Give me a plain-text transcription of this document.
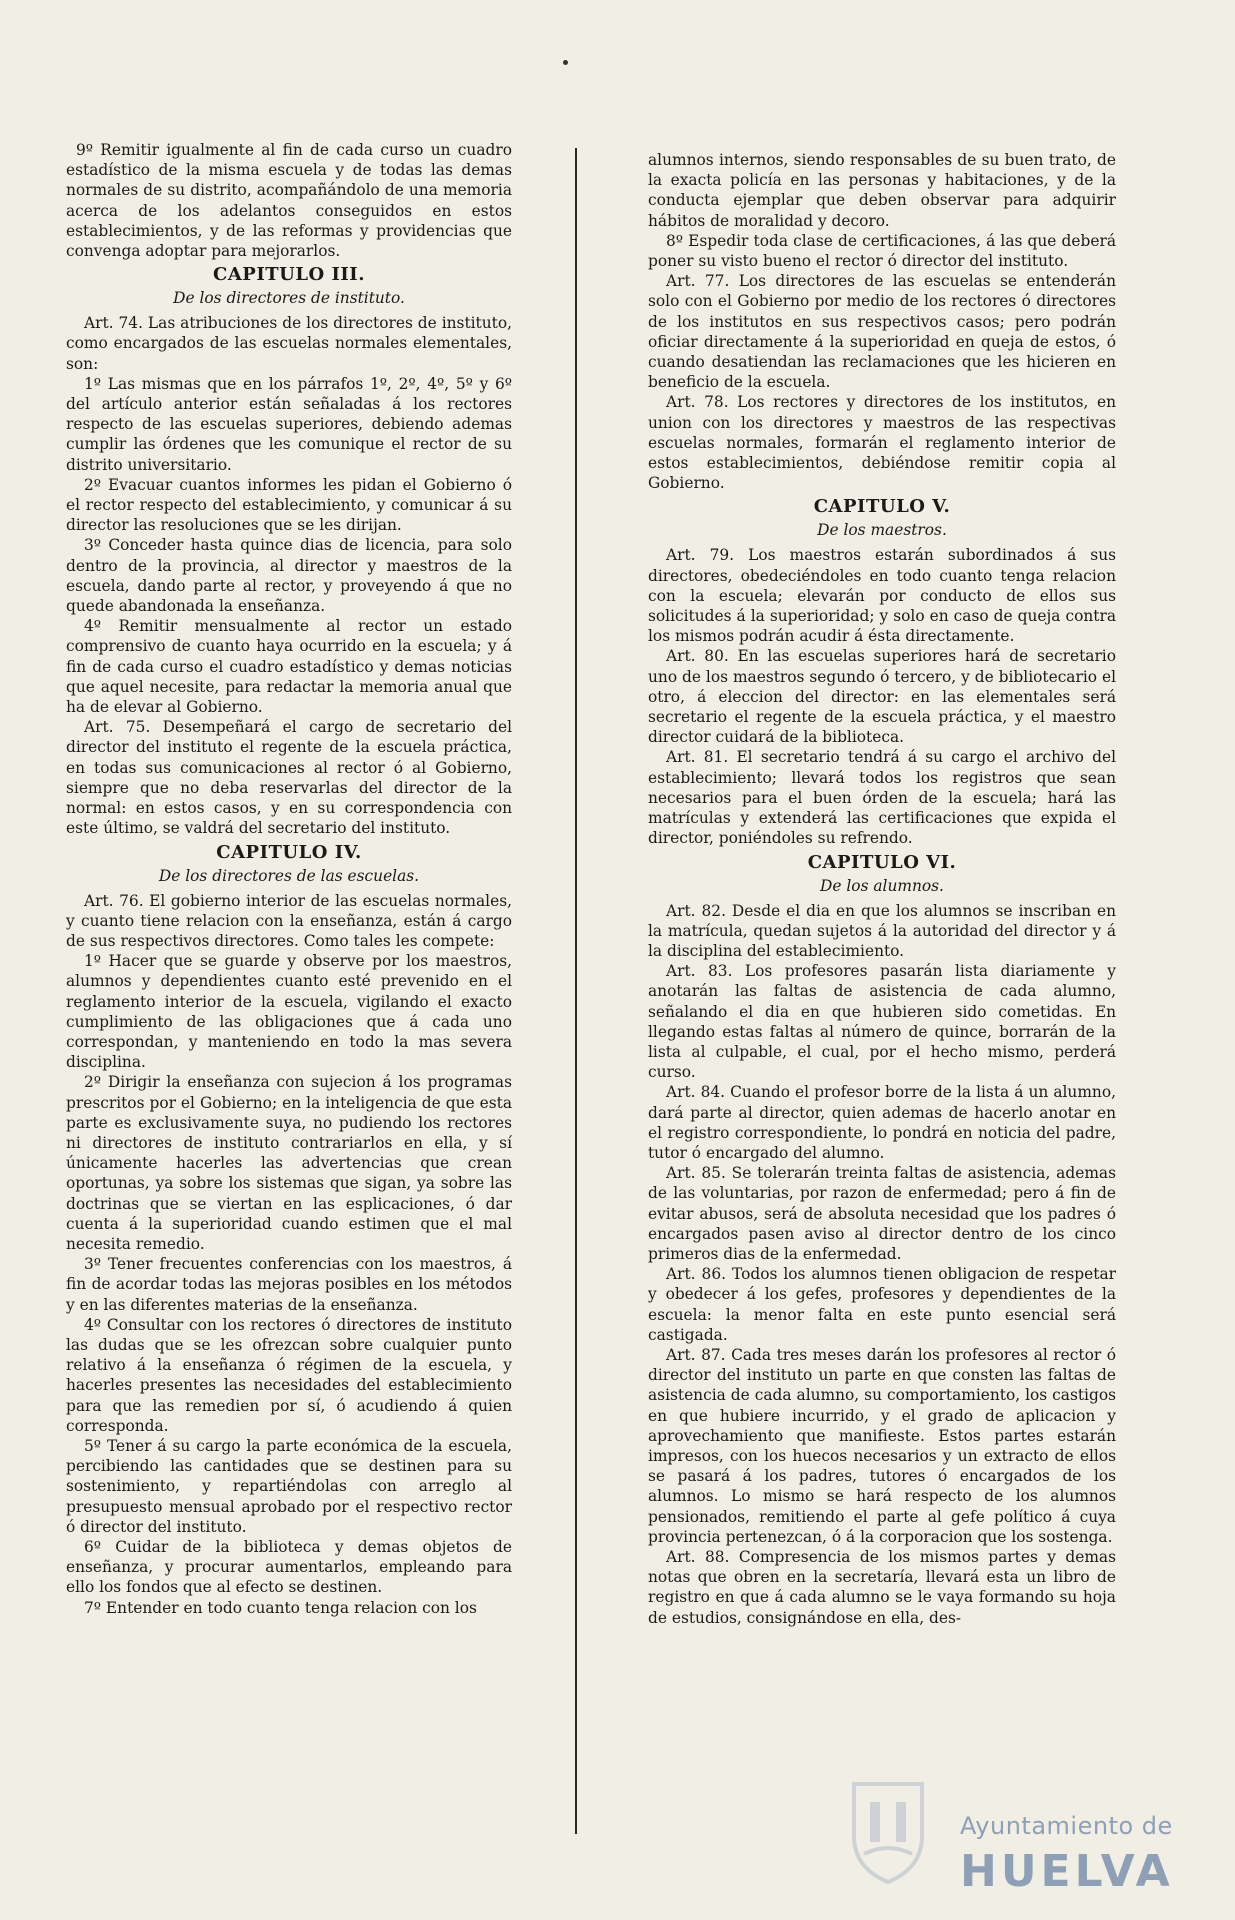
9º Remitir igualmente al fin de cada curso un cuadro estadístico de la misma escuela y de todas las demas normales de su distrito, acompañándolo de una memoria acerca de los adelantos conseguidos en estos establecimientos, y de las reformas y providencias que convenga adoptar para mejorarlos.

CAPITULO III.
De los directores de instituto.

Art. 74. Las atribuciones de los directores de instituto, como encargados de las escuelas normales elementales, son:

1º Las mismas que en los párrafos 1º, 2º, 4º, 5º y 6º del artículo anterior están señaladas á los rectores respecto de las escuelas superiores, debiendo ademas cumplir las órdenes que les comunique el rector de su distrito universitario.

2º Evacuar cuantos informes les pidan el Gobierno ó el rector respecto del establecimiento, y comunicar á su director las resoluciones que se les dirijan.

3º Conceder hasta quince dias de licencia, para solo dentro de la provincia, al director y maestros de la escuela, dando parte al rector, y proveyendo á que no quede abandonada la enseñanza.

4º Remitir mensualmente al rector un estado comprensivo de cuanto haya ocurrido en la escuela; y á fin de cada curso el cuadro estadístico y demas noticias que aquel necesite, para redactar la memoria anual que ha de elevar al Gobierno.

Art. 75. Desempeñará el cargo de secretario del director del instituto el regente de la escuela práctica, en todas sus comunicaciones al rector ó al Gobierno, siempre que no deba reservarlas del director de la normal: en estos casos, y en su correspondencia con este último, se valdrá del secretario del instituto.

CAPITULO IV.
De los directores de las escuelas.

Art. 76. El gobierno interior de las escuelas normales, y cuanto tiene relacion con la enseñanza, están á cargo de sus respectivos directores. Como tales les compete:

1º Hacer que se guarde y observe por los maestros, alumnos y dependientes cuanto esté prevenido en el reglamento interior de la escuela, vigilando el exacto cumplimiento de las obligaciones que á cada uno correspondan, y manteniendo en todo la mas severa disciplina.

2º Dirigir la enseñanza con sujecion á los programas prescritos por el Gobierno; en la inteligencia de que esta parte es exclusivamente suya, no pudiendo los rectores ni directores de instituto contrariarlos en ella, y sí únicamente hacerles las advertencias que crean oportunas, ya sobre los sistemas que sigan, ya sobre las doctrinas que se viertan en las esplicaciones, ó dar cuenta á la superioridad cuando estimen que el mal necesita remedio.

3º Tener frecuentes conferencias con los maestros, á fin de acordar todas las mejoras posibles en los métodos y en las diferentes materias de la enseñanza.

4º Consultar con los rectores ó directores de instituto las dudas que se les ofrezcan sobre cualquier punto relativo á la enseñanza ó régimen de la escuela, y hacerles presentes las necesidades del establecimiento para que las remedien por sí, ó acudiendo á quien corresponda.

5º Tener á su cargo la parte económica de la escuela, percibiendo las cantidades que se destinen para su sostenimiento, y repartiéndolas con arreglo al presupuesto mensual aprobado por el respectivo rector ó director del instituto.

6º Cuidar de la biblioteca y demas objetos de enseñanza, y procurar aumentarlos, empleando para ello los fondos que al efecto se destinen.

7º Entender en todo cuanto tenga relacion con los

alumnos internos, siendo responsables de su buen trato, de la exacta policía en las personas y habitaciones, y de la conducta ejemplar que deben observar para adquirir hábitos de moralidad y decoro.

8º Espedir toda clase de certificaciones, á las que deberá poner su visto bueno el rector ó director del instituto.

Art. 77. Los directores de las escuelas se entenderán solo con el Gobierno por medio de los rectores ó directores de los institutos en sus respectivos casos; pero podrán oficiar directamente á la superioridad en queja de estos, ó cuando desatiendan las reclamaciones que les hicieren en beneficio de la escuela.

Art. 78. Los rectores y directores de los institutos, en union con los directores y maestros de las respectivas escuelas normales, formarán el reglamento interior de estos establecimientos, debiéndose remitir copia al Gobierno.

CAPITULO V.
De los maestros.

Art. 79. Los maestros estarán subordinados á sus directores, obedeciéndoles en todo cuanto tenga relacion con la escuela; elevarán por conducto de ellos sus solicitudes á la superioridad; y solo en caso de queja contra los mismos podrán acudir á ésta directamente.

Art. 80. En las escuelas superiores hará de secretario uno de los maestros segundo ó tercero, y de bibliotecario el otro, á eleccion del director: en las elementales será secretario el regente de la escuela práctica, y el maestro director cuidará de la biblioteca.

Art. 81. El secretario tendrá á su cargo el archivo del establecimiento; llevará todos los registros que sean necesarios para el buen órden de la escuela; hará las matrículas y extenderá las certificaciones que expida el director, poniéndoles su refrendo.

CAPITULO VI.
De los alumnos.

Art. 82. Desde el dia en que los alumnos se inscriban en la matrícula, quedan sujetos á la autoridad del director y á la disciplina del establecimiento.

Art. 83. Los profesores pasarán lista diariamente y anotarán las faltas de asistencia de cada alumno, señalando el dia en que hubieren sido cometidas. En llegando estas faltas al número de quince, borrarán de la lista al culpable, el cual, por el hecho mismo, perderá curso.

Art. 84. Cuando el profesor borre de la lista á un alumno, dará parte al director, quien ademas de hacerlo anotar en el registro correspondiente, lo pondrá en noticia del padre, tutor ó encargado del alumno.

Art. 85. Se tolerarán treinta faltas de asistencia, ademas de las voluntarias, por razon de enfermedad; pero á fin de evitar abusos, será de absoluta necesidad que los padres ó encargados pasen aviso al director dentro de los cinco primeros dias de la enfermedad.

Art. 86. Todos los alumnos tienen obligacion de respetar y obedecer á los gefes, profesores y dependientes de la escuela: la menor falta en este punto esencial será castigada.

Art. 87. Cada tres meses darán los profesores al rector ó director del instituto un parte en que consten las faltas de asistencia de cada alumno, su comportamiento, los castigos en que hubiere incurrido, y el grado de aplicacion y aprovechamiento que manifieste. Estos partes estarán impresos, con los huecos necesarios y un extracto de ellos se pasará á los padres, tutores ó encargados de los alumnos. Lo mismo se hará respecto de los alumnos pensionados, remitiendo el parte al gefe político á cuya provincia pertenezcan, ó á la corporacion que los sostenga.

Art. 88. Compresencia de los mismos partes y demas notas que obren en la secretaría, llevará esta un libro de registro en que á cada alumno se le vaya formando su hoja de estudios, consignándose en ella, des-

Ayuntamiento de
HUELVA
